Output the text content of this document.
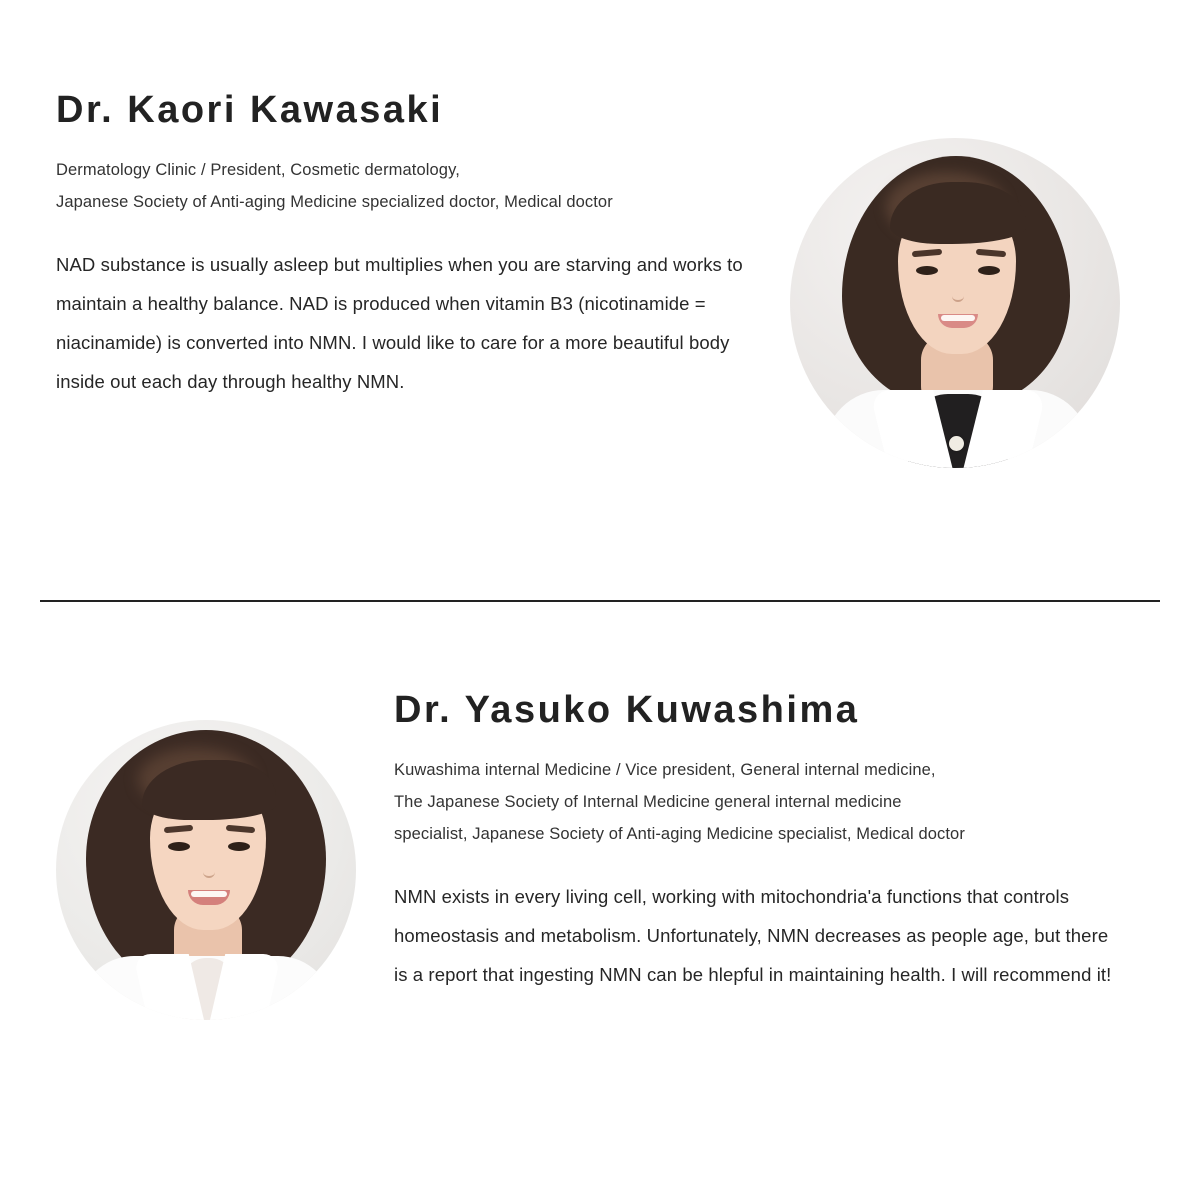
Dr. Kaori Kawasaki

Dermatology Clinic / President, Cosmetic dermatology,
Japanese Society of Anti-aging Medicine specialized doctor, Medical doctor

NAD substance is usually asleep but multiplies when you are starving and works to maintain a healthy balance. NAD is produced when vitamin B3 (nicotinamide = niacinamide) is converted into NMN. I would like to care for a more beautiful body inside out each day through healthy NMN.

Dr. Yasuko Kuwashima

Kuwashima internal Medicine / Vice president, General internal medicine,
The Japanese Society of Internal Medicine general internal medicine
specialist, Japanese Society of Anti-aging Medicine specialist, Medical doctor

NMN exists in every living cell, working with mitochondria'a functions that controls homeostasis and metabolism. Unfortunately, NMN decreases as people age, but there is a report that ingesting NMN can be hlepful in maintaining health. I will recommend it!
